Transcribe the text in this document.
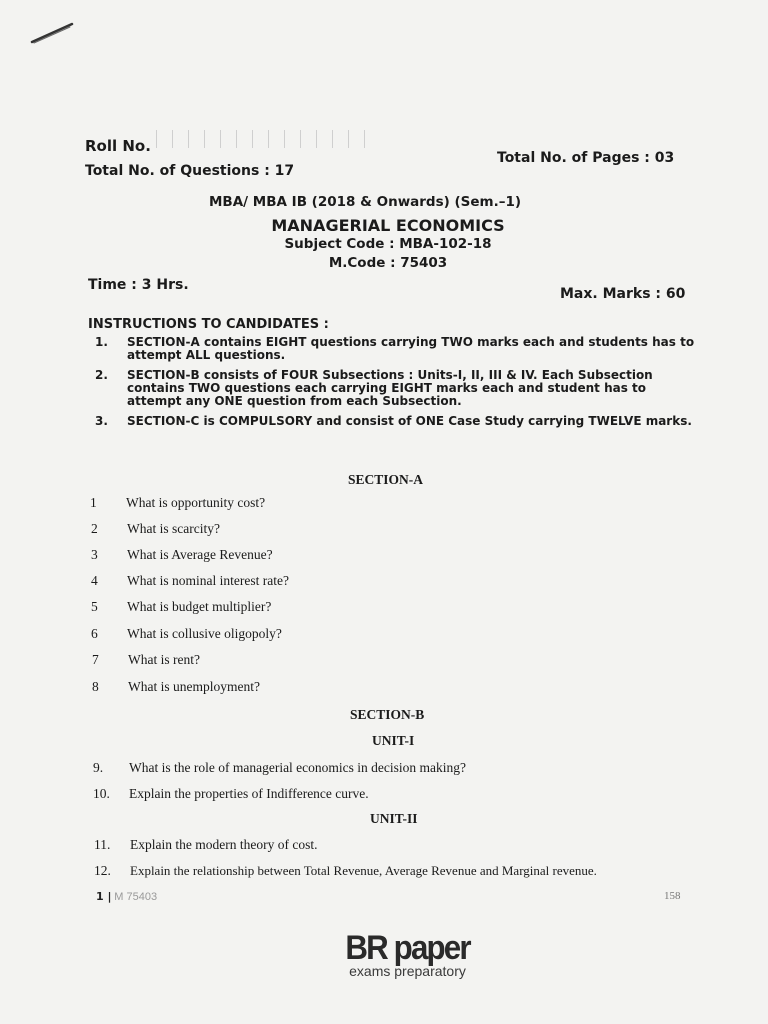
Roll No.
Total No. of Questions : 17
Total No. of Pages : 03
MBA/ MBA IB (2018 & Onwards) (Sem.–1)
MANAGERIAL ECONOMICS
Subject Code : MBA-102-18
M.Code : 75403
Time : 3 Hrs.
Max. Marks : 60
INSTRUCTIONS TO CANDIDATES :
1. SECTION-A contains EIGHT questions carrying TWO marks each and students has to attempt ALL questions.
2. SECTION-B consists of FOUR Subsections : Units-I, II, III & IV. Each Subsection contains TWO questions each carrying EIGHT marks each and student has to attempt any ONE question from each Subsection.
3. SECTION-C is COMPULSORY and consist of ONE Case Study carrying TWELVE marks.
SECTION-A
1 What is opportunity cost?
2 What is scarcity?
3 What is Average Revenue?
4 What is nominal interest rate?
5 What is budget multiplier?
6 What is collusive oligopoly?
7 What is rent?
8 What is unemployment?
SECTION-B
UNIT-I
9. What is the role of managerial economics in decision making?
10. Explain the properties of Indifference curve.
UNIT-II
11. Explain the modern theory of cost.
12. Explain the relationship between Total Revenue, Average Revenue and Marginal revenue.
1 | M 75403	158
BR paper
exams preparatory
